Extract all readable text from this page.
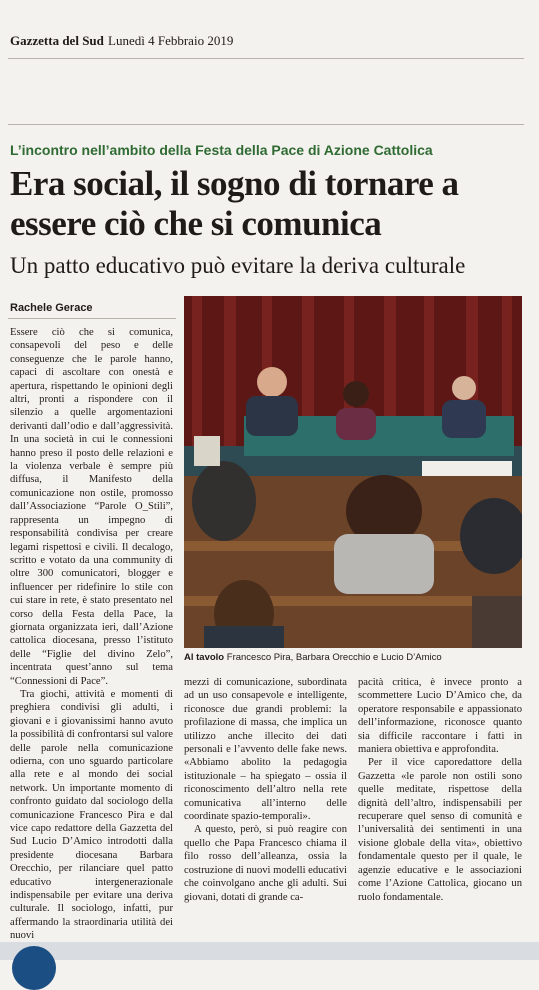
Gazzetta del Sud Lunedì 4 Febbraio 2019
L’incontro nell’ambito della Festa della Pace di Azione Cattolica
Era social, il sogno di tornare a essere ciò che si comunica
Un patto educativo può evitare la deriva culturale
Rachele Gerace

Essere ciò che si comunica, consapevoli del peso e delle conseguenze che le parole hanno, capaci di ascoltare con onestà e apertura, rispettando le opinioni degli altri, pronti a rispondere con il silenzio a quelle argomentazioni derivanti dall’odio e dall’aggressività. In una società in cui le connessioni hanno preso il posto delle relazioni e la violenza verbale è sempre più diffusa, il Manifesto della comunicazione non ostile, promosso dall’Associazione “Parole O_Stili”, rappresenta un impegno di responsabilità condivisa per creare legami rispettosi e civili. Il decalogo, scritto e votato da una community di oltre 300 comunicatori, blogger e influencer per ridefinire lo stile con cui stare in rete, è stato presentato nel corso della Festa della Pace, la giornata organizzata ieri, dall’Azione cattolica diocesana, presso l’istituto delle “Figlie del divino Zelo”, incentrata quest’anno sul tema “Connessioni di Pace”.

Tra giochi, attività e momenti di preghiera condivisi gli adulti, i giovani e i giovanissimi hanno avuto la possibilità di confrontarsi sul valore delle parole nella comunicazione odierna, con uno sguardo particolare alla rete e al mondo dei social network. Un importante momento di confronto guidato dal sociologo della comunicazione Francesco Pira e dal vice capo redattore della Gazzetta del Sud Lucio D’Amico introdotti dalla presidente diocesana Barbara Orecchio, per rilanciare quel patto educativo intergenerazionale indispensabile per evitare una deriva culturale. Il sociologo, infatti, pur affermando la straordinaria utilità dei nuovi

Al tavolo Francesco Pira, Barbara Orecchio e Lucio D’Amico

mezzi di comunicazione, subordinata ad un uso consapevole e intelligente, riconosce due grandi problemi: la profilazione di massa, che implica un utilizzo anche illecito dei dati personali e l’avvento delle fake news. «Abbiamo abolito la pedagogia istituzionale – ha spiegato – ossia il riconoscimento dell’altro nella rete comunicativa all’interno delle coordinate spazio-temporali».

A questo, però, si può reagire con quello che Papa Francesco chiama il filo rosso dell’alleanza, ossia la costruzione di nuovi modelli educativi che coinvolgano anche gli adulti. Sui giovani, dotati di grande ca-

pacità critica, è invece pronto a scommettere Lucio D’Amico che, da operatore responsabile e appassionato dell’informazione, riconosce quanto sia difficile raccontare i fatti in maniera obiettiva e approfondita.

Per il vice caporedattore della Gazzetta «le parole non ostili sono quelle meditate, rispettose della dignità dell’altro, indispensabili per recuperare quel senso di comunità e l’universalità dei sentimenti in una visione globale della vita», obiettivo fondamentale questo per il quale, le agenzie educative e le associazioni come l’Azione Cattolica, giocano un ruolo fondamentale.
